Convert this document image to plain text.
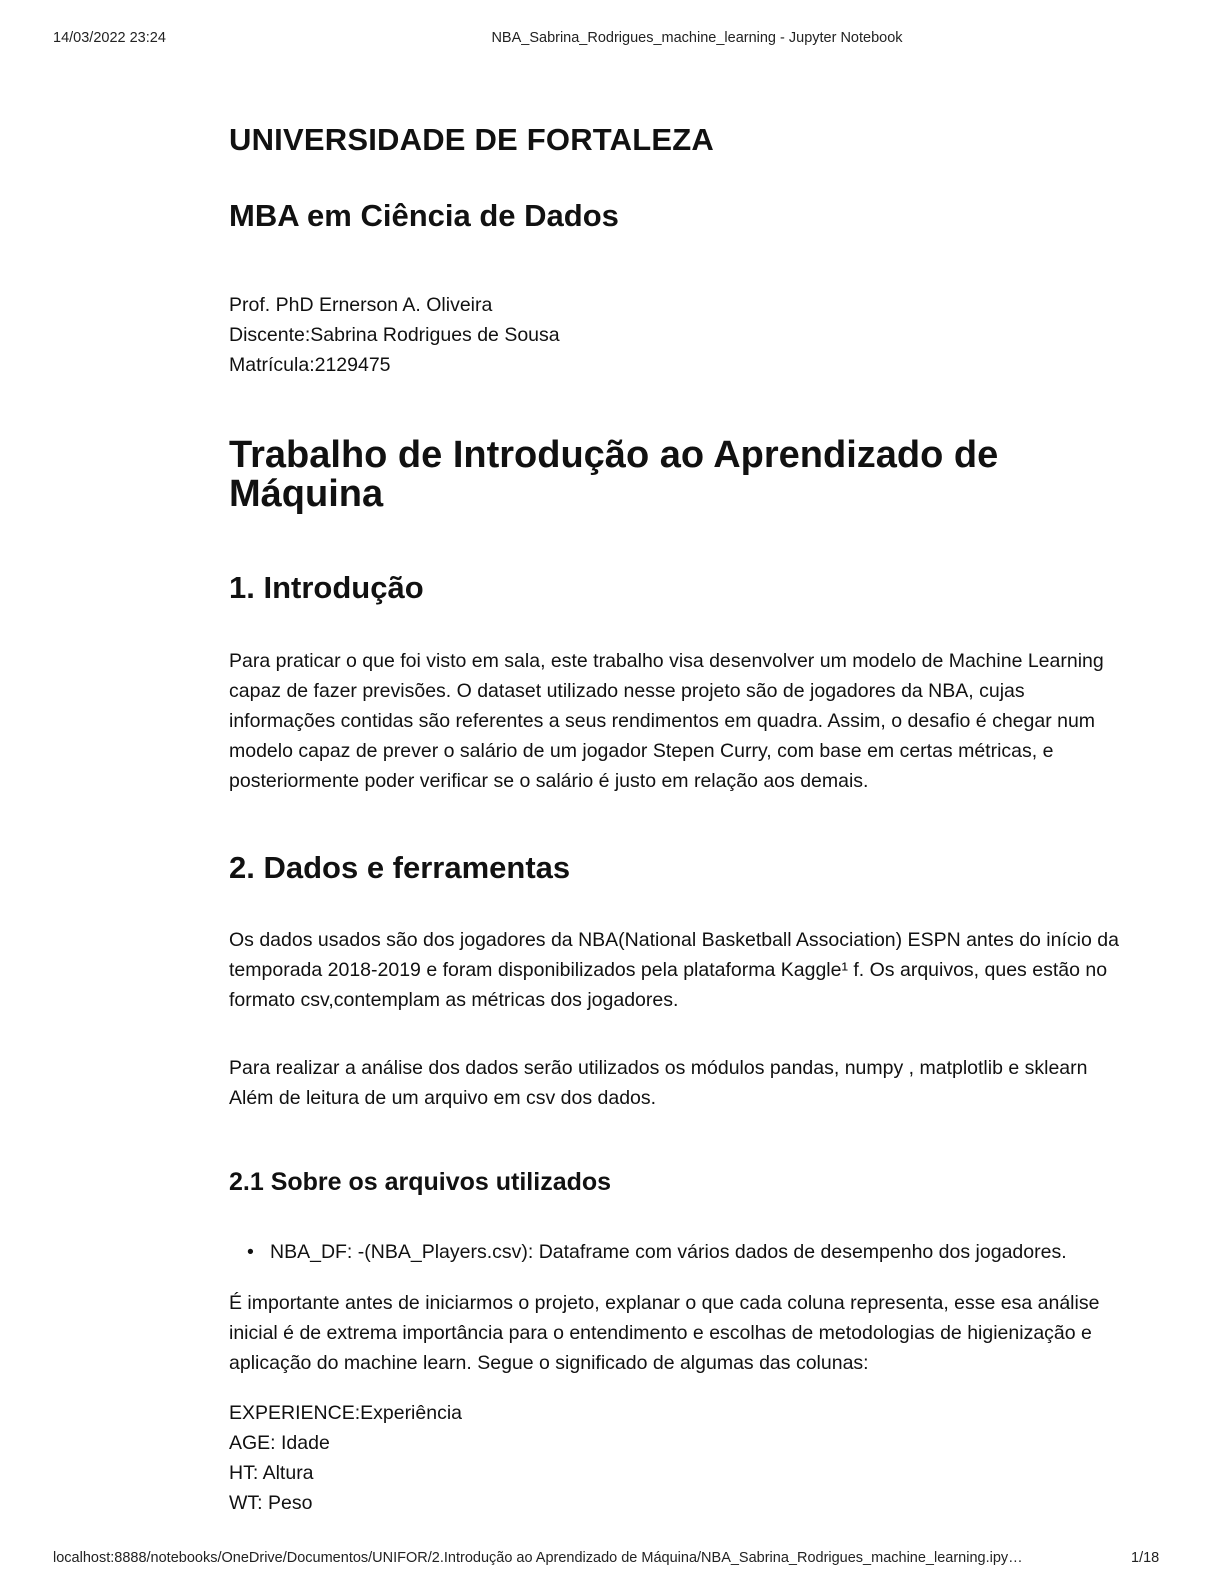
14/03/2022 23:24	NBA_Sabrina_Rodrigues_machine_learning - Jupyter Notebook
UNIVERSIDADE DE FORTALEZA
MBA em Ciência de Dados
Prof. PhD Ernerson A. Oliveira
Discente:Sabrina Rodrigues de Sousa
Matrícula:2129475
Trabalho de Introdução ao Aprendizado de Máquina
1. Introdução

Para praticar o que foi visto em sala, este trabalho visa desenvolver um modelo de Machine Learning capaz de fazer previsões. O dataset utilizado nesse projeto são de jogadores da NBA, cujas informações contidas são referentes a seus rendimentos em quadra. Assim, o desafio é chegar num modelo capaz de prever o salário de um jogador Stepen Curry, com base em certas métricas, e posteriormente poder verificar se o salário é justo em relação aos demais.

2. Dados e ferramentas

Os dados usados são dos jogadores da NBA(National Basketball Association) ESPN antes do início da temporada 2018-2019 e foram disponibilizados pela plataforma Kaggle¹ f. Os arquivos, ques estão no formato csv,contemplam as métricas dos jogadores.

Para realizar a análise dos dados serão utilizados os módulos pandas, numpy , matplotlib e sklearn Além de leitura de um arquivo em csv dos dados.

2.1 Sobre os arquivos utilizados
• NBA_DF: -(NBA_Players.csv): Dataframe com vários dados de desempenho dos jogadores.

É importante antes de iniciarmos o projeto, explanar o que cada coluna representa, esse esa análise inicial é de extrema importância para o entendimento e escolhas de metodologias de higienização e aplicação do machine learn. Segue o significado de algumas das colunas:

EXPERIENCE:Experiência
AGE: Idade
HT: Altura
WT: Peso
localhost:8888/notebooks/OneDrive/Documentos/UNIFOR/2.Introdução ao Aprendizado de Máquina/NBA_Sabrina_Rodrigues_machine_learning.ipy…	1/18
